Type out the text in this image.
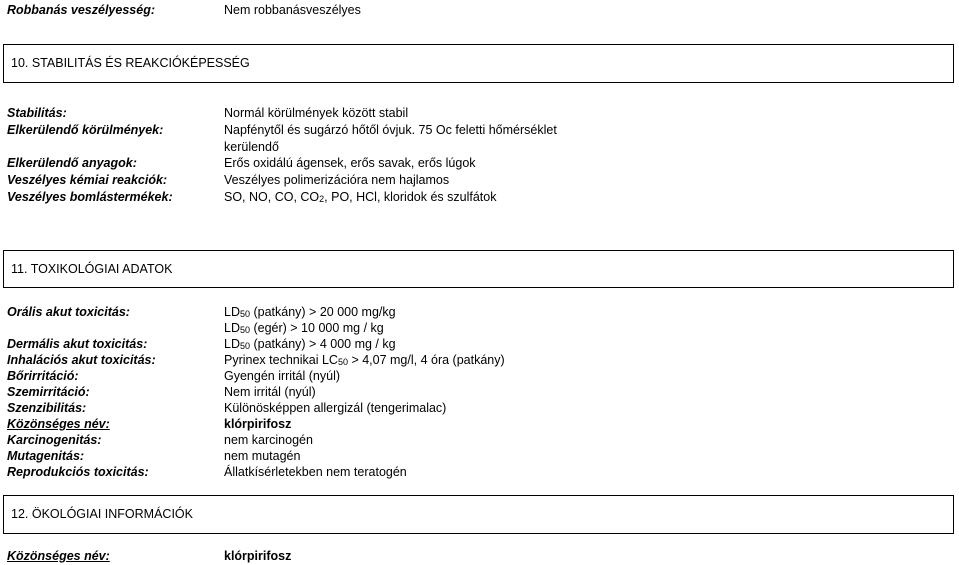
Robbanás veszélyesség:	Nem robbanásveszélyes
10. STABILITÁS ÉS REAKCIÓKÉPESSÉG
Stabilitás:	Normál körülmények között stabil
Elkerülendő körülmények:	Napfénytől és sugárzó hőtől óvjuk. 75 Oc feletti hőmérséklet
kerülendő
Elkerülendő anyagok:	Erős oxidálú ágensek, erős savak, erős lúgok
Veszélyes kémiai reakciók:	Veszélyes polimerizációra nem hajlamos
Veszélyes bomlástermékek:	SO, NO, CO, $CO_2$, PO, HCl, kloridok és szulfátok
11. TOXIKOLÓGIAI ADATOK
Orális akut toxicitás:	$LD_{50}$ (patkány) > 20 000 mg/kg
$LD_{50}$ (egér) > 10 000 mg / kg
Dermális akut toxicitás:	$LD_{50}$ (patkány) > 4 000 mg / kg
Inhalációs akut toxicitás:	Pyrinex technikai $LC_{50} > 4,07$ mg/l, 4 óra (patkány)
Bőrirritáció:	Gyengén irritál (nyúl)
Szemirritáció:	Nem irritál (nyúl)
Szenzibilitás:	Különösképpen allergizál (tengerimalac)
Közönséges név:	klórpirifosz
Karcinogenitás:	nem karcinogén
Mutagenitás:	nem mutagén
Reprodukciós toxicitás:	Állatkísérletekben nem teratogén
12. ÖKOLÓGIAI INFORMÁCIÓK
Közönséges név:	klórpirifosz
